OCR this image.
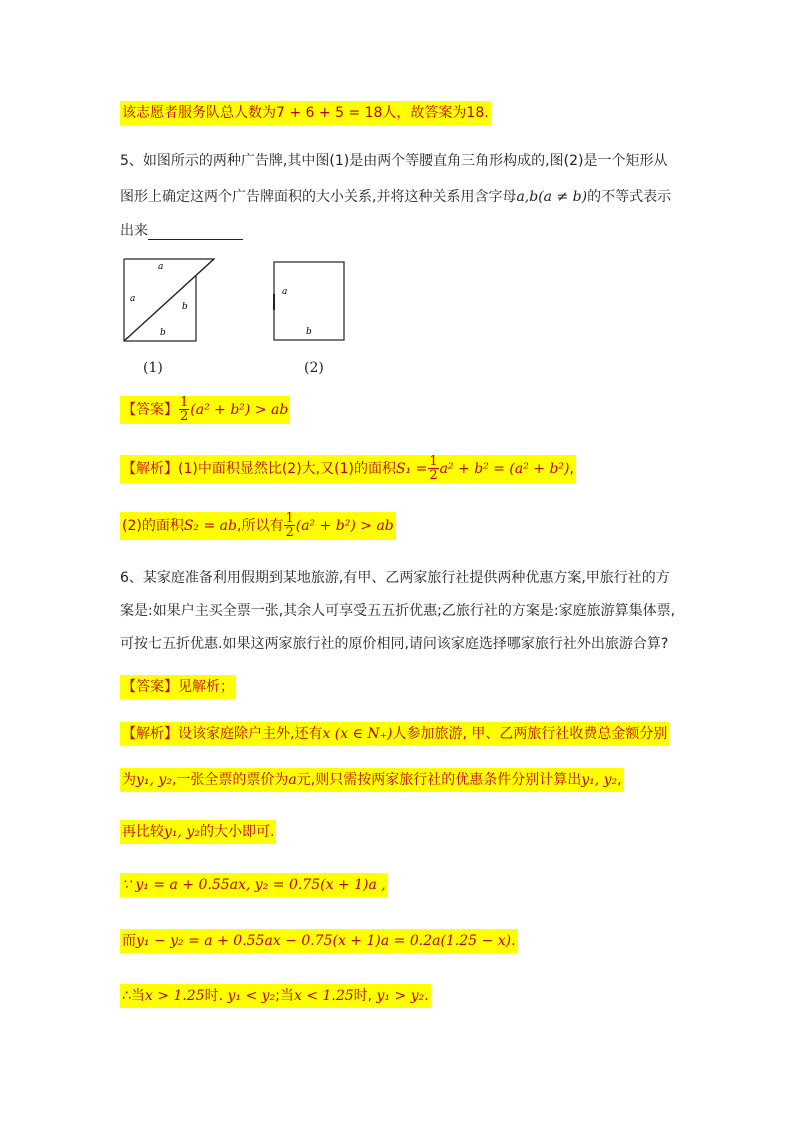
该志愿者服务队总人数为7 + 6 + 5 = 18人，故答案为18.
5、如图所示的两种广告牌,其中图(1)是由两个等腰直角三角形构成的,图(2)是一个矩形从
图形上确定这两个广告牌面积的大小关系,并将这种关系用含字母a,b(a ≠ b)的不等式表示
出来
a
a
b
b
(1)
a
b
(2)
【答案】 $\frac{1}{2} (a^2 + b^2)$ > ab
【解析】(1)中面积显然比(2)大,又(1)的面积$S_1 = \frac{1}{2} a^2 + b^2 = (a^2 + b^2)$,
(2)的面积S₂ = ab,所以有 $\frac{1}{2} (a^2 + b^2)$ > ab
6、某家庭准备利用假期到某地旅游,有甲、乙两家旅行社提供两种优惠方案,甲旅行社的方
案是:如果户主买全票一张,其余人可享受五五折优惠;乙旅行社的方案是:家庭旅游算集体票,
可按七五折优惠.如果这两家旅行社的原价相同,请问该家庭选择哪家旅行社外出旅游合算?
【答案】见解析；
【解析】设该家庭除户主外,还有x (x ∈ N₊)人参加旅游, 甲、乙两旅行社收费总金额分别
为y₁, y₂,一张全票的票价为a元,则只需按两家旅行社的优惠条件分别计算出y₁, y₂,
再比较y₁, y₂的大小即可.
∵ y₁ = a + 0.55ax, y₂ = 0.75(x + 1)a ,
而y₁ − y₂ = a + 0.55ax − 0.75(x + 1)a = 0.2a(1.25 − x).
∴当x > 1.25时. y₁ < y₂;当x < 1.25时, y₁ > y₂.
